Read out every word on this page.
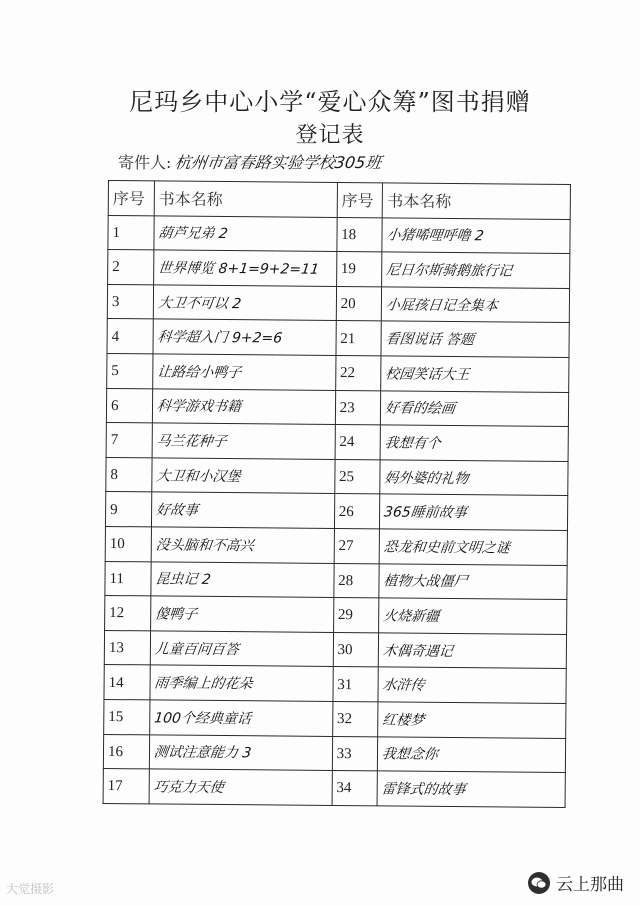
尼玛乡中心小学“爱心众筹”图书捐赠
登记表
寄件人: 杭州市富春路实验学校305班
序号	书本名称	序号	书本名称
1	葫芦兄弟 2	18	小猪唏哩呼噜 2

2	世界博览 8+1=9+2=11	19	尼日尔斯骑鹅旅行记

3	大卫不可以 2	20	小屁孩日记全集本

4	科学超入门 9+2=6	21	看图说话 答题

5	让路给小鸭子	22	校园笑话大王

6	科学游戏书籍	23	好看的绘画

7	马兰花种子	24	我想有个

8	大卫和小汉堡	25	妈外婆的礼物

9	好故事	26	365睡前故事

10	没头脑和不高兴	27	恐龙和史前文明之谜

11	昆虫记 2	28	植物大战僵尸

12	傻鸭子	29	火烧新疆

13	儿童百问百答	30	木偶奇遇记

14	雨季编上的花朵	31	水浒传

15	100个经典童话	32	红楼梦

16	测试注意能力 3	33	我想念你

17	巧克力天使	34	雷锋式的故事
大觉摄影	云上那曲
